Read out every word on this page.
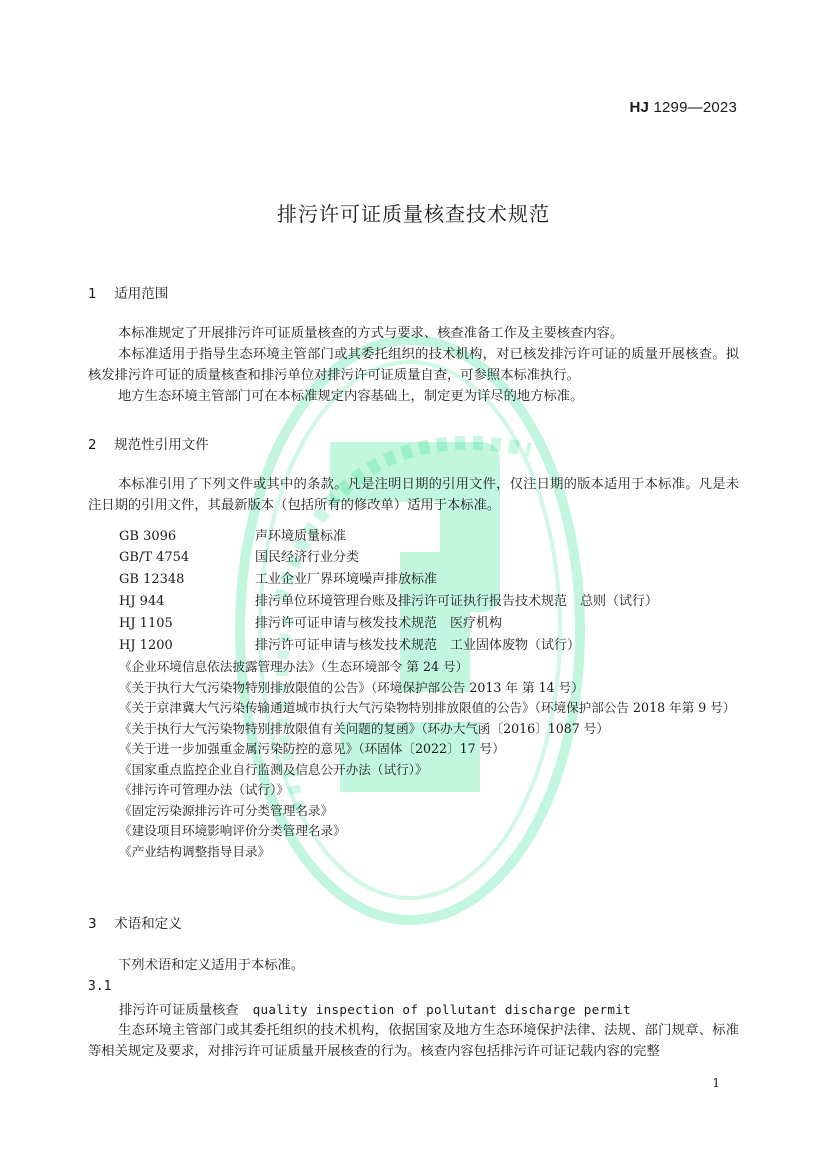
HJ 1299—2023
排污许可证质量核查技术规范
1 适用范围
本标准规定了开展排污许可证质量核查的方式与要求、核查准备工作及主要核查内容。
本标准适用于指导生态环境主管部门或其委托组织的技术机构，对已核发排污许可证的质量开展核查。拟核发排污许可证的质量核查和排污单位对排污许可证质量自查，可参照本标准执行。
地方生态环境主管部门可在本标准规定内容基础上，制定更为详尽的地方标准。
2 规范性引用文件
本标准引用了下列文件或其中的条款。凡是注明日期的引用文件，仅注日期的版本适用于本标准。凡是未注日期的引用文件，其最新版本（包括所有的修改单）适用于本标准。
GB 3096	声环境质量标准
GB/T 4754	国民经济行业分类
GB 12348	工业企业厂界环境噪声排放标准
HJ 944	排污单位环境管理台账及排污许可证执行报告技术规范　总则（试行）
HJ 1105	排污许可证申请与核发技术规范　医疗机构
HJ 1200	排污许可证申请与核发技术规范　工业固体废物（试行）
《企业环境信息依法披露管理办法》（生态环境部令 第 24 号）
《关于执行大气污染物特别排放限值的公告》（环境保护部公告 2013 年 第 14 号）
《关于京津冀大气污染传输通道城市执行大气污染物特别排放限值的公告》（环境保护部公告 2018 年第 9 号）
《关于执行大气污染物特别排放限值有关问题的复函》（环办大气函〔2016〕1087 号）
《关于进一步加强重金属污染防控的意见》（环固体〔2022〕17 号）
《国家重点监控企业自行监测及信息公开办法（试行）》
《排污许可管理办法（试行）》
《固定污染源排污许可分类管理名录》
《建设项目环境影响评价分类管理名录》
《产业结构调整指导目录》
3 术语和定义
下列术语和定义适用于本标准。
3.1
排污许可证质量核查 quality inspection of pollutant discharge permit
生态环境主管部门或其委托组织的技术机构，依据国家及地方生态环境保护法律、法规、部门规章、标准等相关规定及要求，对排污许可证质量开展核查的行为。核查内容包括排污许可证记载内容的完整
1
